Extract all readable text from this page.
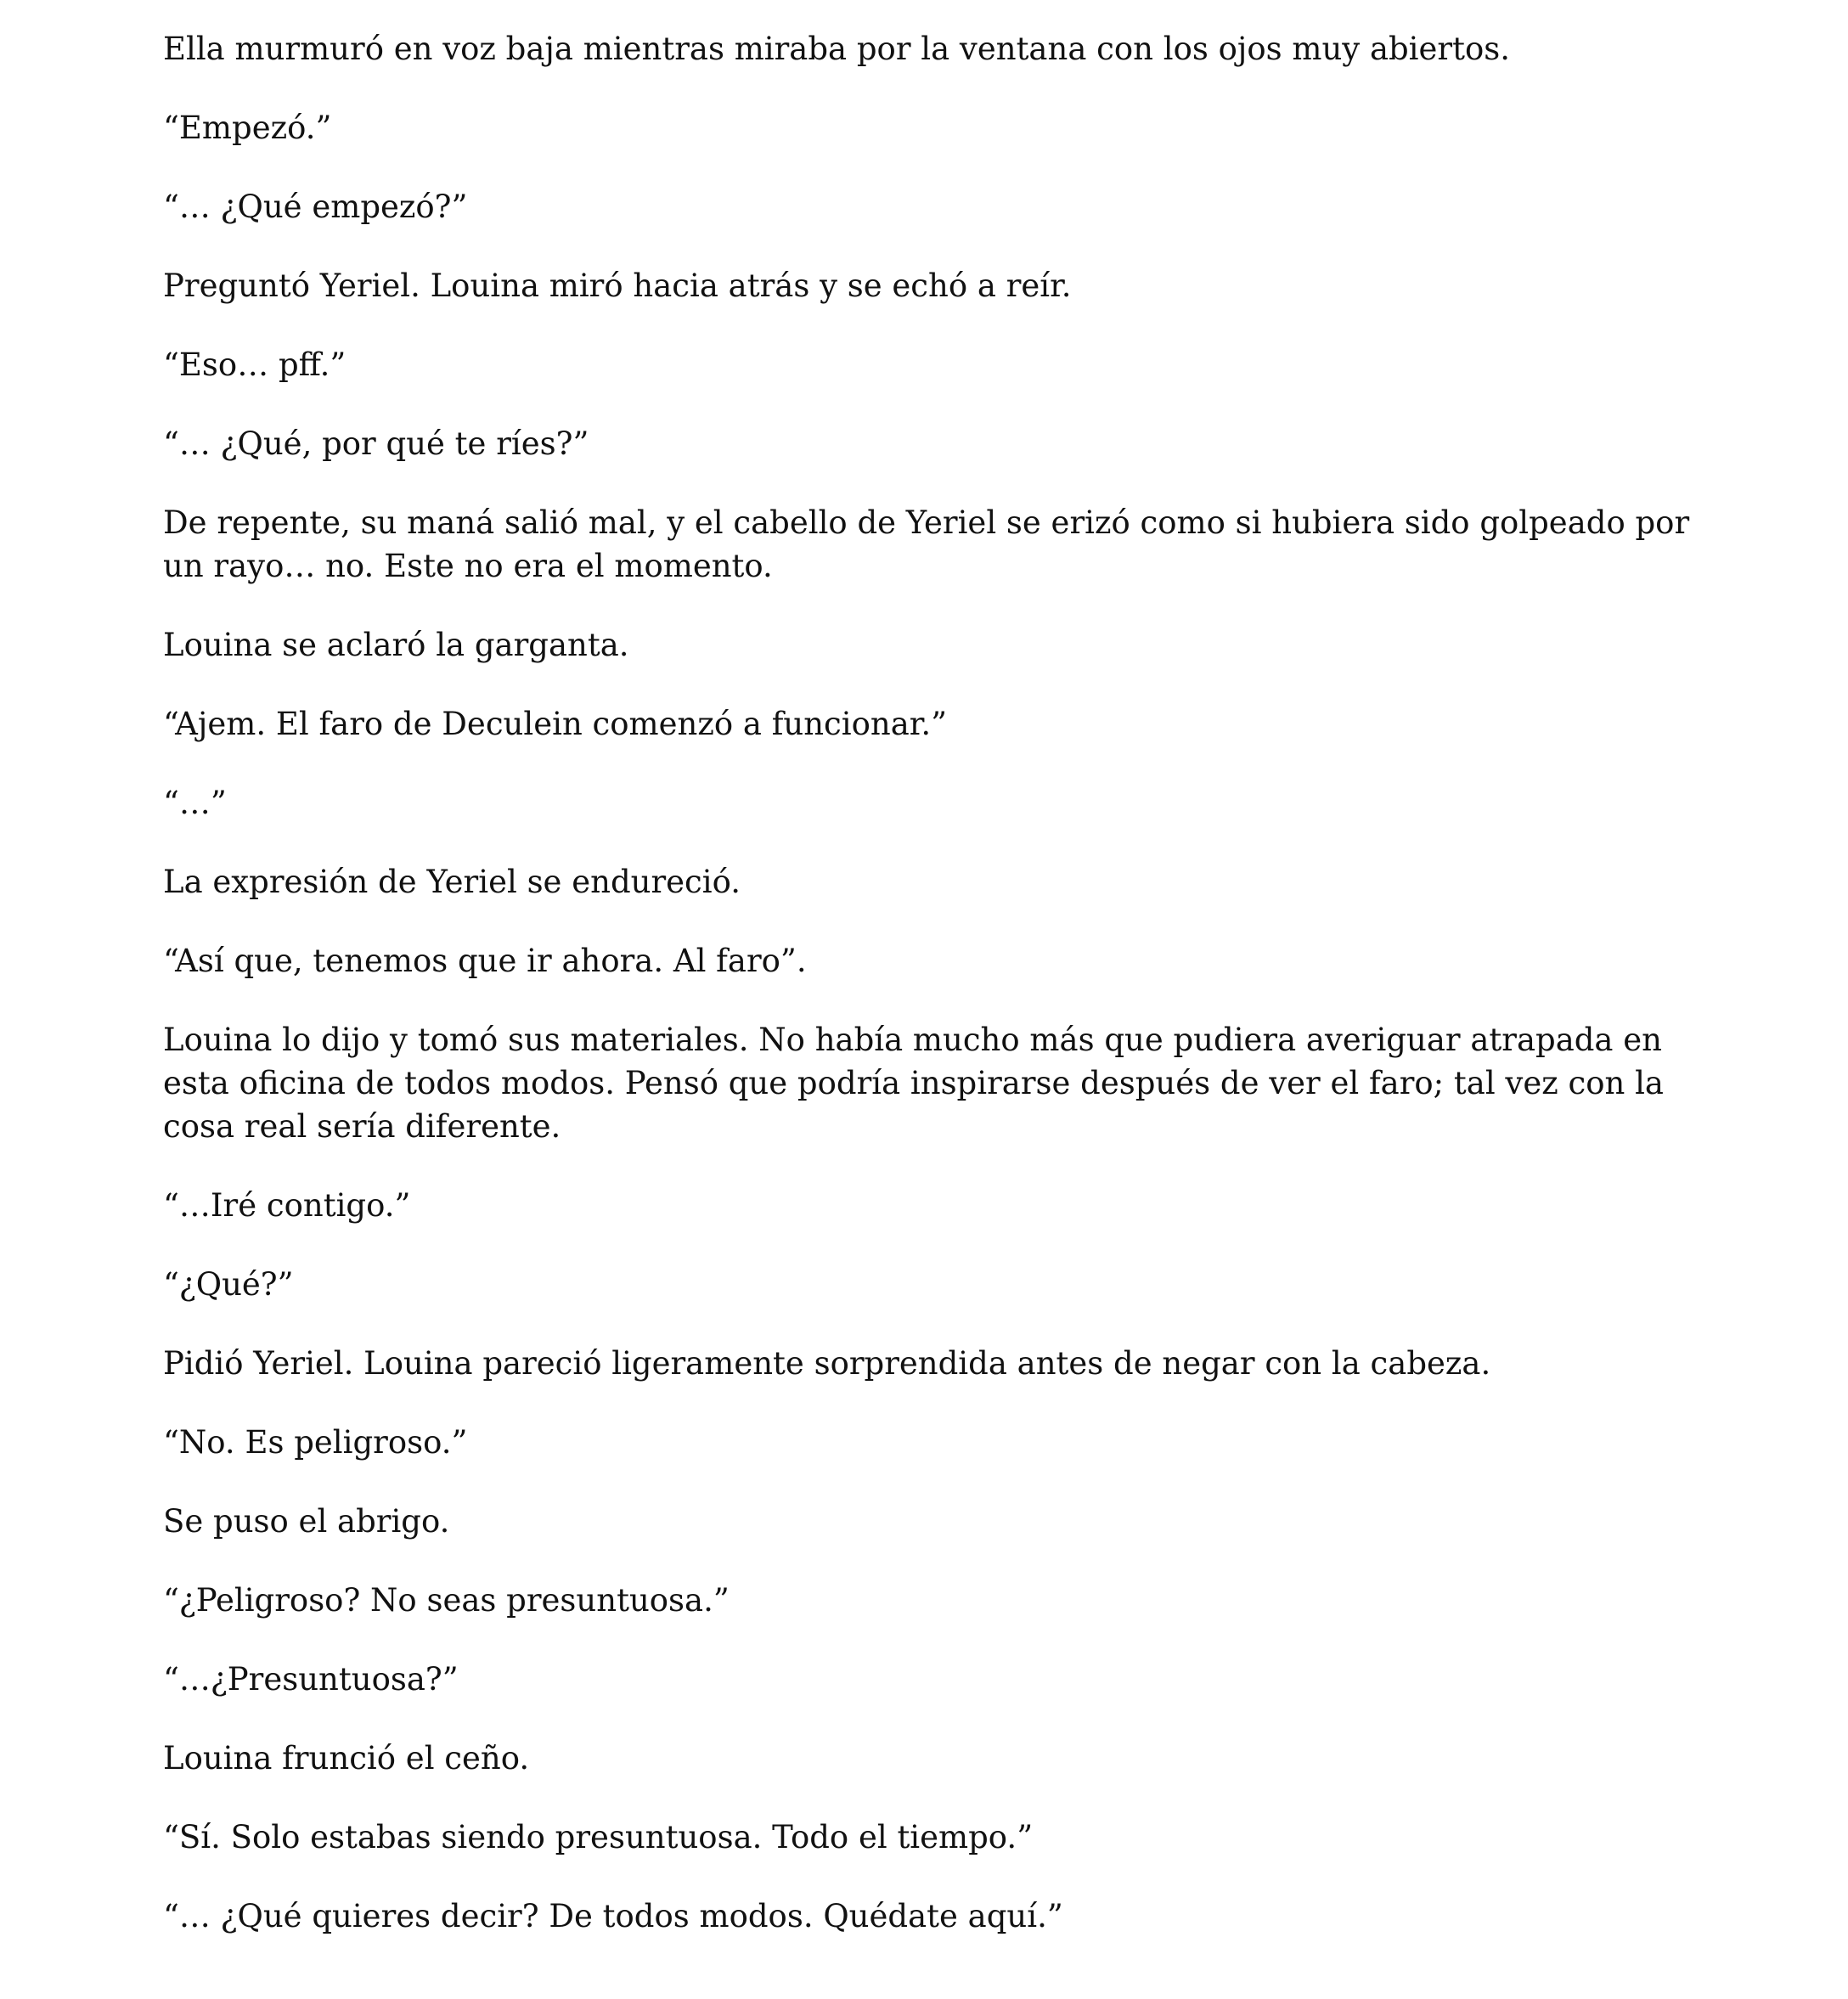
Ella murmuró en voz baja mientras miraba por la ventana con los ojos muy abiertos.

“Empezó.”

“… ¿Qué empezó?”

Preguntó Yeriel. Louina miró hacia atrás y se echó a reír.

“Eso… pff.”

“… ¿Qué, por qué te ríes?”

De repente, su maná salió mal, y el cabello de Yeriel se erizó como si hubiera sido golpeado por un rayo… no. Este no era el momento.

Louina se aclaró la garganta.

“Ajem. El faro de Deculein comenzó a funcionar.”

“…”

La expresión de Yeriel se endureció.

“Así que, tenemos que ir ahora. Al faro”.

Louina lo dijo y tomó sus materiales. No había mucho más que pudiera averiguar atrapada en esta oficina de todos modos. Pensó que podría inspirarse después de ver el faro; tal vez con la cosa real sería diferente.

“…Iré contigo.”

“¿Qué?”

Pidió Yeriel. Louina pareció ligeramente sorprendida antes de negar con la cabeza.

“No. Es peligroso.”

Se puso el abrigo.

“¿Peligroso? No seas presuntuosa.”

“…¿Presuntuosa?”

Louina frunció el ceño.

“Sí. Solo estabas siendo presuntuosa. Todo el tiempo.”

“… ¿Qué quieres decir? De todos modos. Quédate aquí.”
